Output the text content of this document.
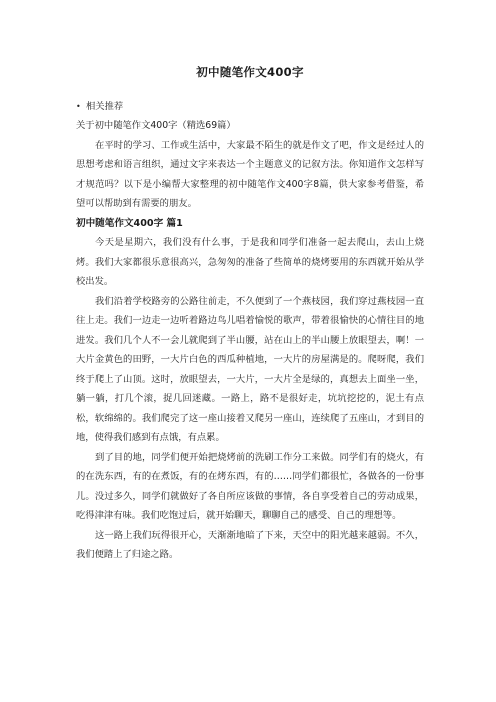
初中随笔作文400字
• 相关推荐

关于初中随笔作文400字（精选69篇）

在平时的学习、工作或生活中，大家最不陌生的就是作文了吧，作文是经过人的思想考虑和语言组织，通过文字来表达一个主题意义的记叙方法。你知道作文怎样写才规范吗？以下是小编帮大家整理的初中随笔作文400字8篇，供大家参考借鉴，希望可以帮助到有需要的朋友。

初中随笔作文400字 篇1

今天是星期六，我们没有什么事，于是我和同学们准备一起去爬山，去山上烧烤。我们大家都很乐意很高兴，急匆匆的准备了些简单的烧烤要用的东西就开始从学校出发。

我们沿着学校路旁的公路往前走，不久便到了一个燕枝园，我们穿过燕枝园一直往上走。我们一边走一边听着路边鸟儿唱着愉悦的歌声，带着很愉快的心情往目的地进发。我们几个人不一会儿就爬到了半山腰，站在山上的半山腰上放眼望去，啊！一大片金黄色的田野，一大片白色的西瓜种植地，一大片的房屋满是的。爬呀爬，我们终于爬上了山顶。这时，放眼望去，一大片，一大片全是绿的，真想去上面坐一坐，躺一躺，打几个滚，捉几回迷藏。一路上，路不是很好走，坑坑挖挖的，泥土有点松，软绵绵的。我们爬完了这一座山接着又爬另一座山，连续爬了五座山，才到目的地，使得我们感到有点饿，有点累。

到了目的地，同学们便开始把烧烤前的洗刷工作分工来做。同学们有的烧火，有的在洗东西，有的在煮饭，有的在烤东西，有的……同学们都很忙，各做各的一份事儿。没过多久，同学们就做好了各自所应该做的事情，各自享受着自己的劳动成果，吃得津津有味。我们吃饱过后，就开始聊天，聊聊自己的感受、自己的理想等。

这一路上我们玩得很开心，天渐渐地暗了下来，天空中的阳光越来越弱。不久，我们便踏上了归途之路。
